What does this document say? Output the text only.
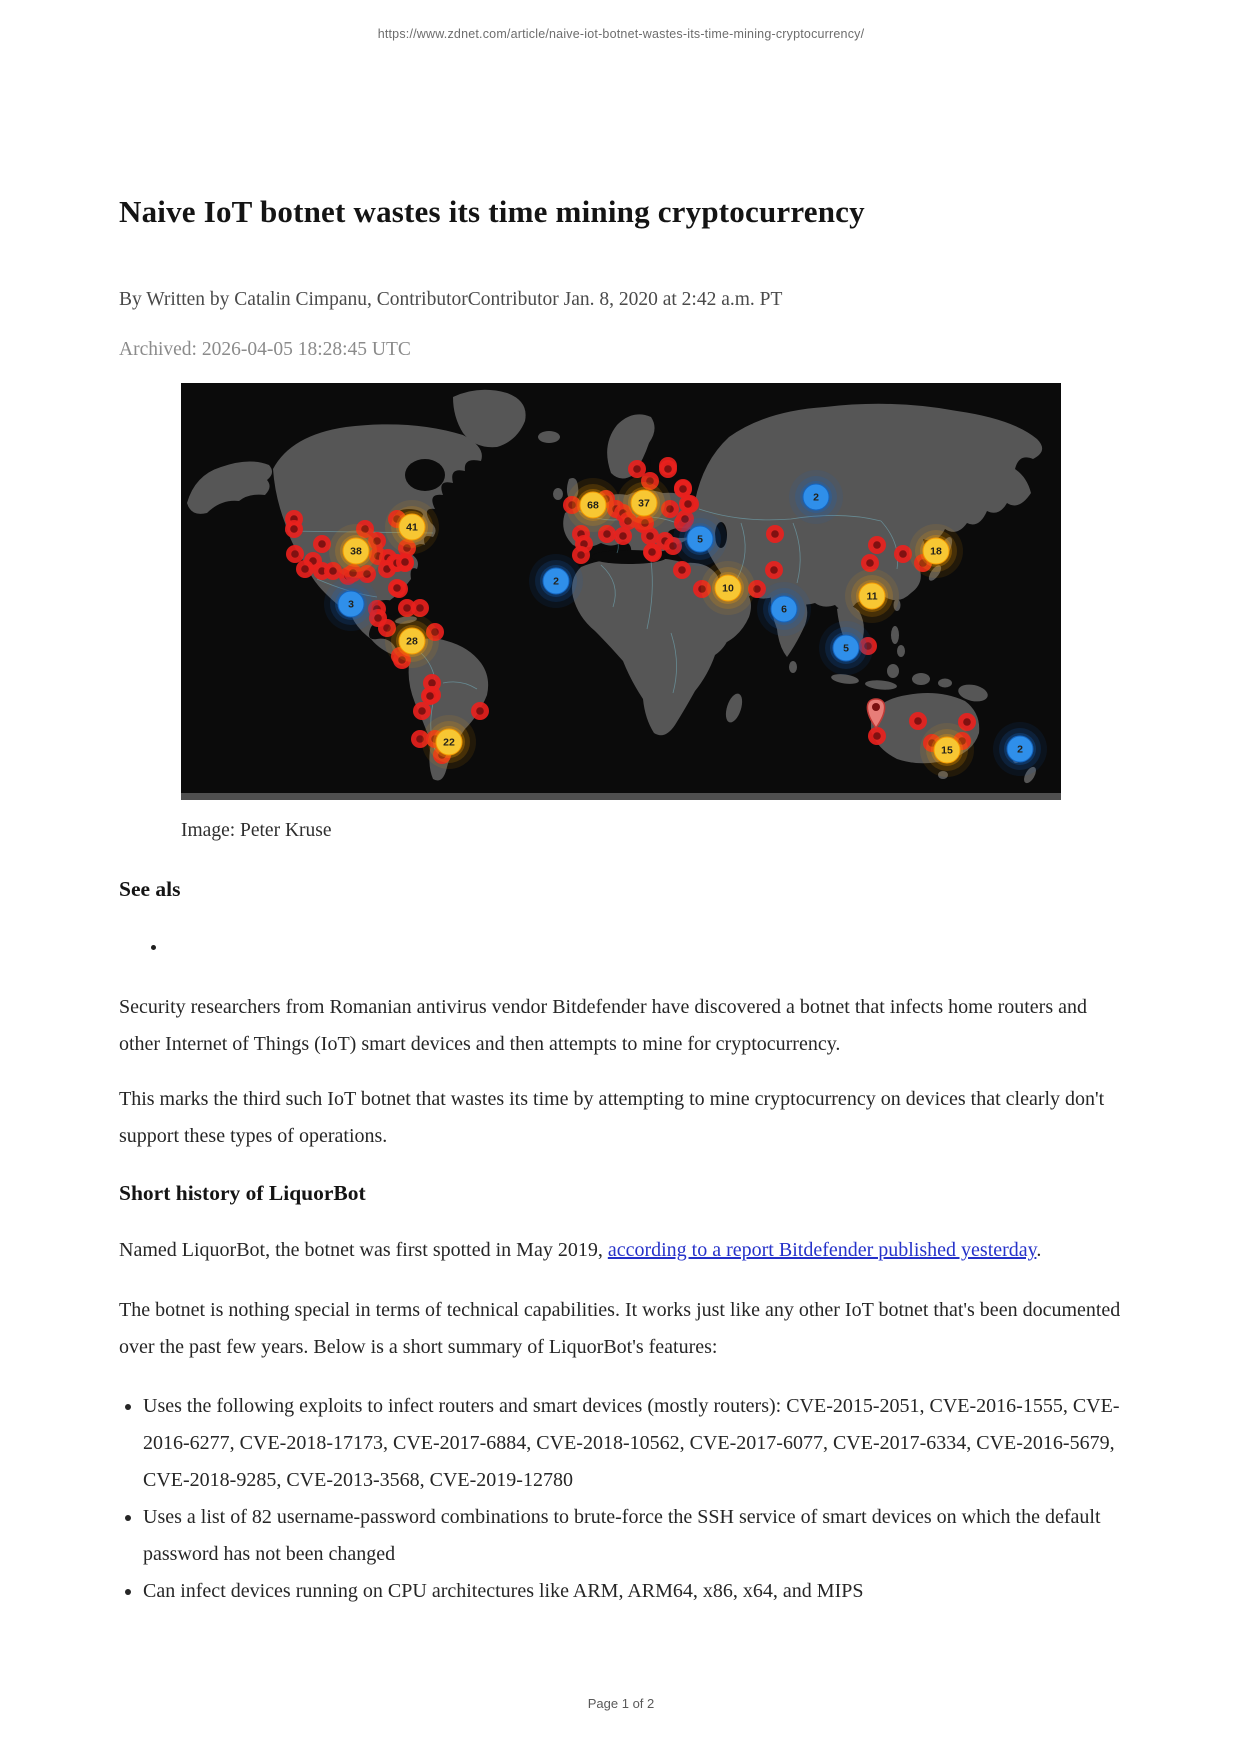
https://www.zdnet.com/article/naive-iot-botnet-wastes-its-time-mining-cryptocurrency/
Naive IoT botnet wastes its time mining cryptocurrency
By Written by Catalin Cimpanu, ContributorContributor Jan. 8, 2020 at 2:42 a.m. PT
Archived: 2026-04-05 18:28:45 UTC
38
41
68	37
18
10
11
28
22
15
2
5
2
3	6
5
2
Image: Peter Kruse
See als
• ​

Security researchers from Romanian antivirus vendor Bitdefender have discovered a botnet that infects home routers and other Internet of Things (IoT) smart devices and then attempts to mine for cryptocurrency.

This marks the third such IoT botnet that wastes its time by attempting to mine cryptocurrency on devices that clearly don't support these types of operations.

Short history of LiquorBot

Named LiquorBot, the botnet was first spotted in May 2019, according to a report Bitdefender published yesterday.

The botnet is nothing special in terms of technical capabilities. It works just like any other IoT botnet that's been documented over the past few years. Below is a short summary of LiquorBot's features:

• Uses the following exploits to infect routers and smart devices (mostly routers): CVE-2015-2051, CVE-2016-1555, CVE-2016-6277, CVE-2018-17173, CVE-2017-6884, CVE-2018-10562, CVE-2017-6077, CVE-2017-6334, CVE-2016-5679, CVE-2018-9285, CVE-2013-3568, CVE-2019-12780
• Uses a list of 82 username-password combinations to brute-force the SSH service of smart devices on which the default password has not been changed
• Can infect devices running on CPU architectures like ARM, ARM64, x86, x64, and MIPS
Page 1 of 2
